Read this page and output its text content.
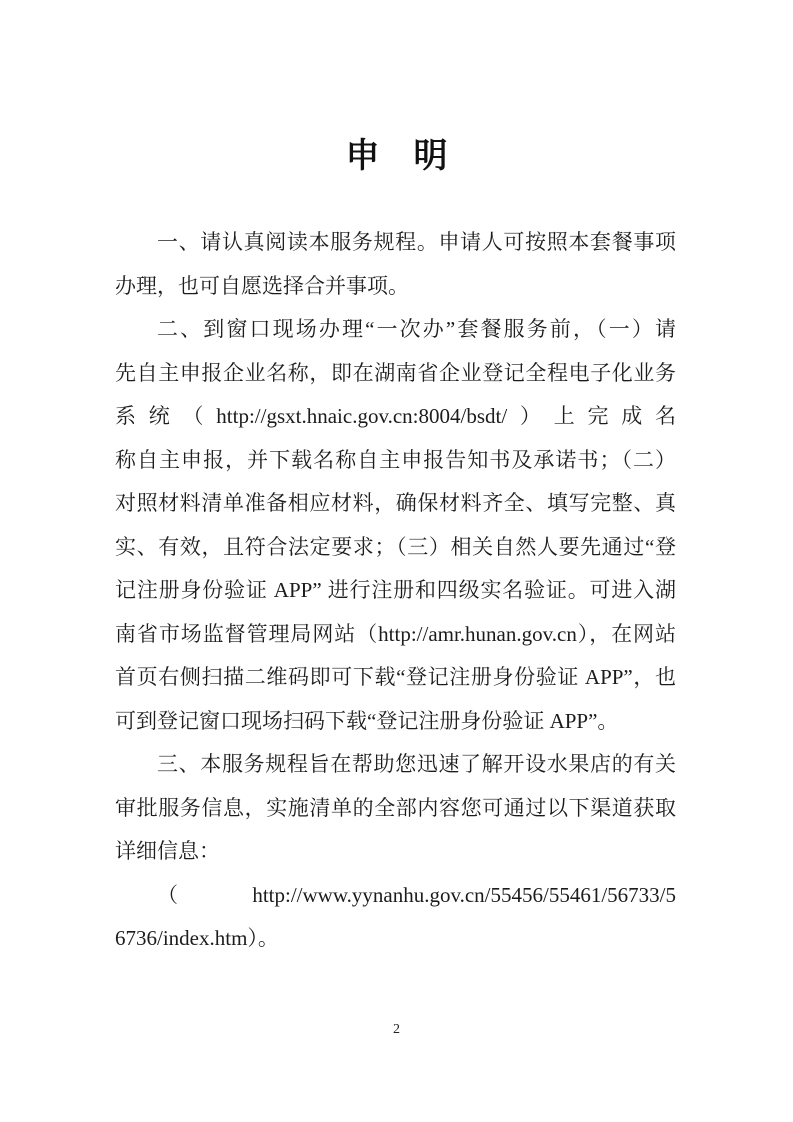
申　明
一、请认真阅读本服务规程。申请人可按照本套餐事项
办理，也可自愿选择合并事项。
二、到窗口现场办理“一次办”套餐服务前，（一）请
先自主申报企业名称，即在湖南省企业登记全程电子化业务
系统（http://gsxt.hnaic.gov.cn:8004/bsdt/）上完成名
称自主申报，并下载名称自主申报告知书及承诺书；（二）
对照材料清单准备相应材料，确保材料齐全、填写完整、真
实、有效，且符合法定要求；（三）相关自然人要先通过“登
记注册身份验证 APP” 进行注册和四级实名验证。可进入湖
南省市场监督管理局网站（http://amr.hunan.gov.cn），在网站
首页右侧扫描二维码即可下载“登记注册身份验证 APP”，也
可到登记窗口现场扫码下载“登记注册身份验证 APP”。
三、本服务规程旨在帮助您迅速了解开设水果店的有关
审批服务信息，实施清单的全部内容您可通过以下渠道获取
详细信息：
（http://www.yynanhu.gov.cn/55456/55461/56733/5
6736/index.htm）。
2
